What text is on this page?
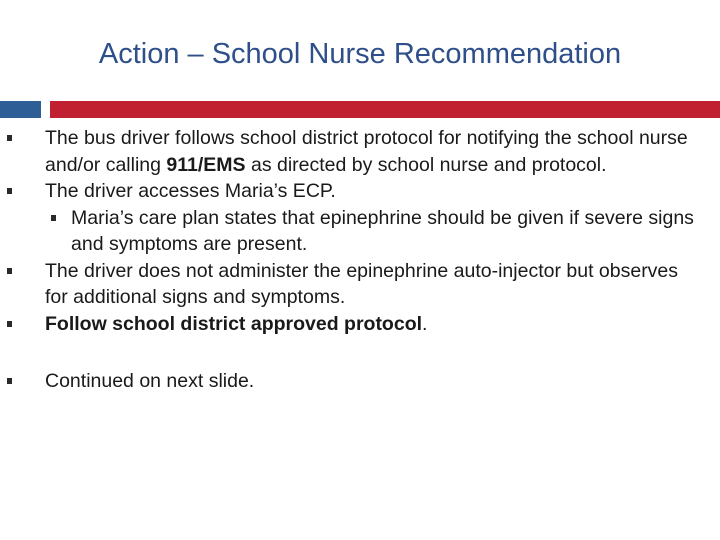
Action – School Nurse Recommendation
The bus driver follows school district protocol for notifying the school nurse and/or calling 911/EMS as directed by school nurse and protocol.
The driver accesses Maria’s ECP.
Maria’s care plan states that epinephrine should be given if severe signs and symptoms are present.
The driver does not administer the epinephrine auto-injector but observes for additional signs and symptoms.
Follow school district approved protocol.
Continued on next slide.
